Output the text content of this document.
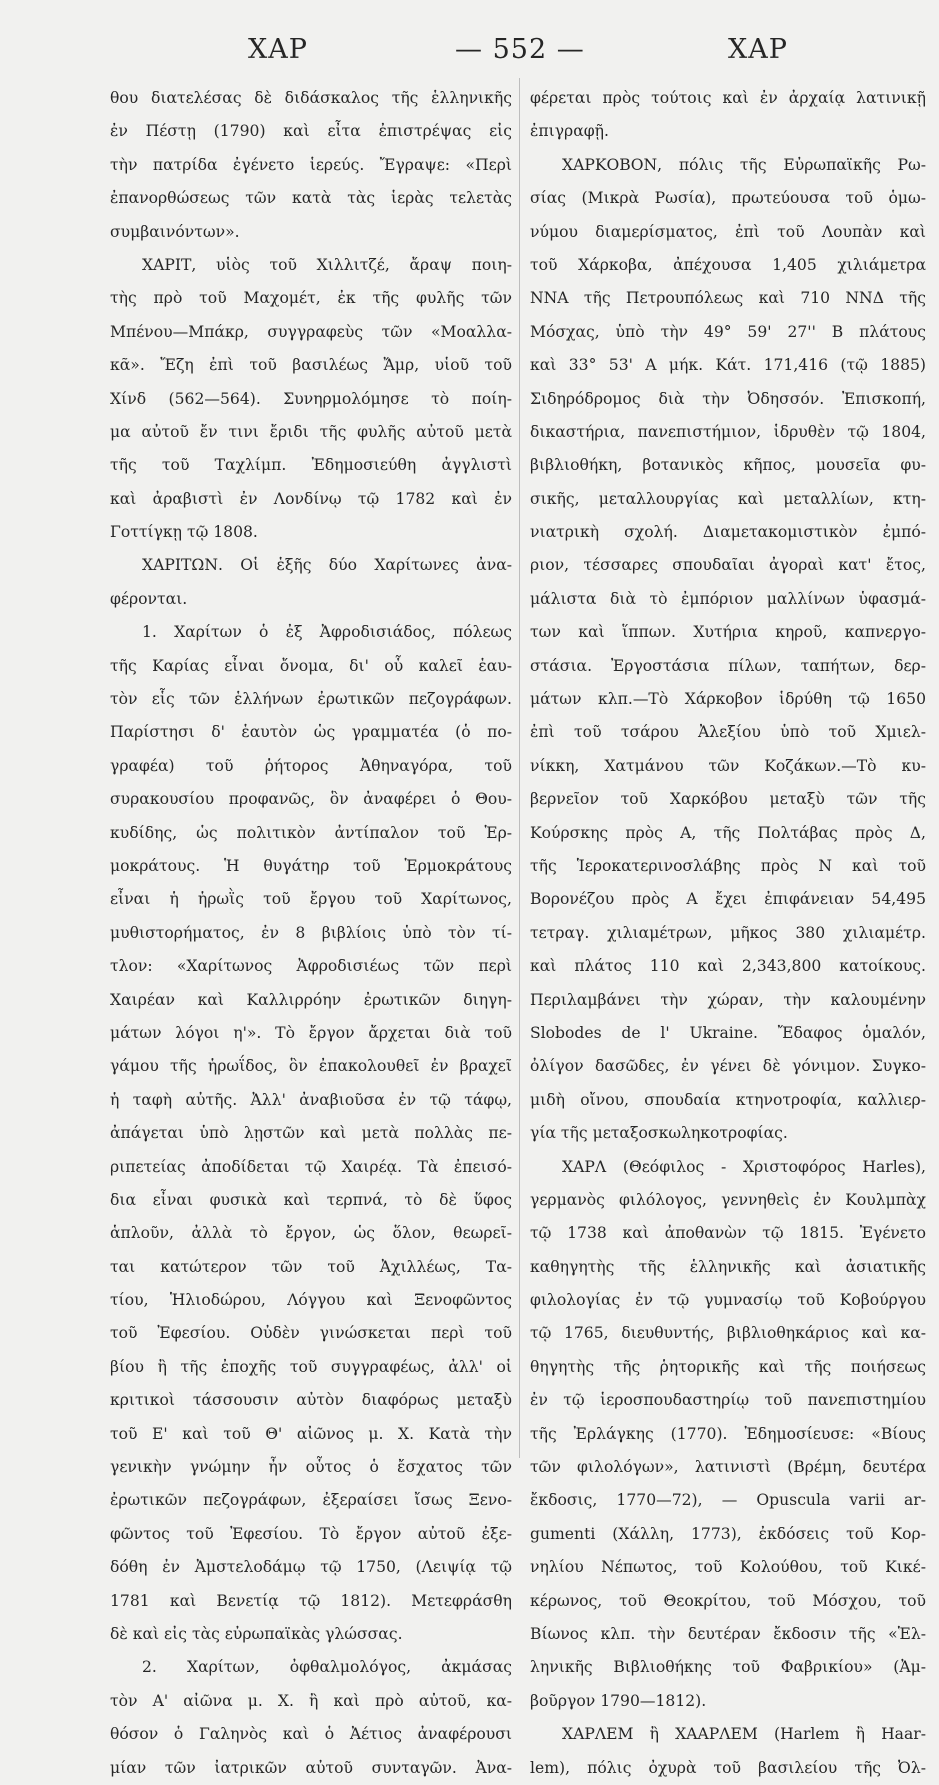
ΧΑΡ	— 552 —	ΧΑΡ
θου διατελέσας δὲ διδάσκαλος τῆς ἑλληνικῆς
ἐν Πέστῃ (1790) καὶ εἶτα ἐπιστρέψας εἰς
τὴν πατρίδα ἐγένετο ἱερεύς. Ἔγραψε: «Περὶ
ἐπανορθώσεως τῶν κατὰ τὰς ἱερὰς τελετὰς
συμβαινόντων».
ΧΑΡΙΤ, υἱὸς τοῦ Χιλλιτζέ, ἄραψ ποιη-
τὴς πρὸ τοῦ Μαχομέτ, ἐκ τῆς φυλῆς τῶν
Μπένου—Μπάκρ, συγγραφεὺς τῶν «Μοαλλα-
κᾶ». Ἔζη ἐπὶ τοῦ βασιλέως Ἄμρ, υἱοῦ τοῦ
Χίνδ (562—564). Συνηρμολόμησε τὸ ποίη-
μα αὐτοῦ ἔν τινι ἔριδι τῆς φυλῆς αὐτοῦ μετὰ
τῆς τοῦ Ταχλίμπ. Ἐδημοσιεύθη ἀγγλιστὶ
καὶ ἀραβιστὶ ἐν Λονδίνῳ τῷ 1782 καὶ ἐν
Γοττίγκῃ τῷ 1808.
ΧΑΡΙΤΩΝ. Οἱ ἑξῆς δύο Χαρίτωνες ἀνα-
φέρονται.
1. Χαρίτων ὁ ἐξ Ἀφροδισιάδος, πόλεως
τῆς Καρίας εἶναι ὄνομα, δι' οὗ καλεῖ ἑαυ-
τὸν εἷς τῶν ἑλλήνων ἐρωτικῶν πεζογράφων.
Παρίστησι δ' ἑαυτὸν ὡς γραμματέα (ὁ πο-
γραφέα) τοῦ ῥήτορος Ἀθηναγόρα, τοῦ
συρακουσίου προφανῶς, ὃν ἀναφέρει ὁ Θου-
κυδίδης, ὡς πολιτικὸν ἀντίπαλον τοῦ Ἑρ-
μοκράτους. Ἡ θυγάτηρ τοῦ Ἑρμοκράτους
εἶναι ἡ ἡρωῒς τοῦ ἔργου τοῦ Χαρίτωνος,
μυθιστορήματος, ἐν 8 βιβλίοις ὑπὸ τὸν τί-
τλον: «Χαρίτωνος Ἀφροδισιέως τῶν περὶ
Χαιρέαν καὶ Καλλιρρόην ἐρωτικῶν διηγη-
μάτων λόγοι η'». Τὸ ἔργον ἄρχεται διὰ τοῦ
γάμου τῆς ἡρωΐδος, ὃν ἐπακολουθεῖ ἐν βραχεῖ
ἡ ταφὴ αὐτῆς. Ἀλλ' ἀναβιοῦσα ἐν τῷ τάφῳ,
ἀπάγεται ὑπὸ λῃστῶν καὶ μετὰ πολλὰς πε-
ριπετείας ἀποδίδεται τῷ Χαιρέᾳ. Τὰ ἐπεισό-
δια εἶναι φυσικὰ καὶ τερπνά, τὸ δὲ ὕφος
ἁπλοῦν, ἀλλὰ τὸ ἔργον, ὡς ὅλον, θεωρεῖ-
ται κατώτερον τῶν τοῦ Ἀχιλλέως, Τα-
τίου, Ἡλιοδώρου, Λόγγου καὶ Ξενοφῶντος
τοῦ Ἐφεσίου. Οὐδὲν γινώσκεται περὶ τοῦ
βίου ἢ τῆς ἐποχῆς τοῦ συγγραφέως, ἀλλ' οἱ
κριτικοὶ τάσσουσιν αὐτὸν διαφόρως μεταξὺ
τοῦ Ε' καὶ τοῦ Θ' αἰῶνος μ. Χ. Κατὰ τὴν
γενικὴν γνώμην ἦν οὗτος ὁ ἔσχατος τῶν
ἐρωτικῶν πεζογράφων, ἐξεραίσει ἴσως Ξενο-
φῶντος τοῦ Ἐφεσίου. Τὸ ἔργον αὐτοῦ ἐξε-
δόθη ἐν Ἀμστελοδάμῳ τῷ 1750, (Λειψίᾳ τῷ
1781 καὶ Βενετίᾳ τῷ 1812). Μετεφράσθη
δὲ καὶ εἰς τὰς εὐρωπαϊκὰς γλώσσας.
2. Χαρίτων, ὀφθαλμολόγος, ἀκμάσας
τὸν Α' αἰῶνα μ. Χ. ἢ καὶ πρὸ αὐτοῦ, κα-
θόσον ὁ Γαληνὸς καὶ ὁ Ἀέτιος ἀναφέρουσι
μίαν τῶν ἰατρικῶν αὐτοῦ συνταγῶν. Ἀνα-
φέρεται πρὸς τούτοις καὶ ἐν ἀρχαίᾳ λατινικῇ
ἐπιγραφῇ.
ΧΑΡΚΟΒΟΝ, πόλις τῆς Εὐρωπαϊκῆς Ρω-
σίας (Μικρὰ Ρωσία), πρωτεύουσα τοῦ ὁμω-
νύμου διαμερίσματος, ἐπὶ τοῦ Λουπὰν καὶ
τοῦ Χάρκοβα, ἀπέχουσα 1,405 χιλιάμετρα
ΝΝΑ τῆς Πετρουπόλεως καὶ 710 ΝΝΔ τῆς
Μόσχας, ὑπὸ τὴν 49° 59' 27'' Β πλάτους
καὶ 33° 53' Α μήκ. Κάτ. 171,416 (τῷ 1885)
Σιδηρόδρομος διὰ τὴν Ὀδησσόν. Ἐπισκοπή,
δικαστήρια, πανεπιστήμιον, ἱδρυθὲν τῷ 1804,
βιβλιοθήκη, βοτανικὸς κῆπος, μουσεῖα φυ-
σικῆς, μεταλλουργίας καὶ μεταλλίων, κτη-
νιατρικὴ σχολή. Διαμετακομιστικὸν ἐμπό-
ριον, τέσσαρες σπουδαῖαι ἀγοραὶ κατ' ἔτος,
μάλιστα διὰ τὸ ἐμπόριον μαλλίνων ὑφασμά-
των καὶ ἵππων. Χυτήρια κηροῦ, καπνεργο-
στάσια. Ἐργοστάσια πίλων, ταπήτων, δερ-
μάτων κλπ.—Τὸ Χάρκοβον ἱδρύθη τῷ 1650
ἐπὶ τοῦ τσάρου Ἀλεξίου ὑπὸ τοῦ Χμιελ-
νίκκη, Χατμάνου τῶν Κοζάκων.—Τὸ κυ-
βερνεῖον τοῦ Χαρκόβου μεταξὺ τῶν τῆς
Κούρσκης πρὸς Α, τῆς Πολτάβας πρὸς Δ,
τῆς Ἱεροκατερινοσλάβης πρὸς Ν καὶ τοῦ
Βορονέζου πρὸς Α ἔχει ἐπιφάνειαν 54,495
τετραγ. χιλιαμέτρων, μῆκος 380 χιλιαμέτρ.
καὶ πλάτος 110 καὶ 2,343,800 κατοίκους.
Περιλαμβάνει τὴν χώραν, τὴν καλουμένην
Slobodes de l' Ukraine. Ἔδαφος ὁμαλόν,
ὀλίγον δασῶδες, ἐν γένει δὲ γόνιμον. Συγκο-
μιδὴ οἴνου, σπουδαία κτηνοτροφία, καλλιερ-
γία τῆς μεταξοσκωληκοτροφίας.
ΧΑΡΛ (Θεόφιλος - Χριστοφόρος Harles),
γερμανὸς φιλόλογος, γεννηθεὶς ἐν Κουλμπὰχ
τῷ 1738 καὶ ἀποθανὼν τῷ 1815. Ἐγένετο
καθηγητὴς τῆς ἑλληνικῆς καὶ ἀσιατικῆς
φιλολογίας ἐν τῷ γυμνασίῳ τοῦ Κοβούργου
τῷ 1765, διευθυντής, βιβλιοθηκάριος καὶ κα-
θηγητὴς τῆς ῥητορικῆς καὶ τῆς ποιήσεως
ἐν τῷ ἱεροσπουδαστηρίῳ τοῦ πανεπιστημίου
τῆς Ἐρλάγκης (1770). Ἐδημοσίευσε: «Βίους
τῶν φιλολόγων», λατινιστὶ (Βρέμη, δευτέρα
ἔκδοσις, 1770—72), — Opuscula varii ar-
gumenti (Χάλλη, 1773), ἐκδόσεις τοῦ Κορ-
νηλίου Νέπωτος, τοῦ Κολούθου, τοῦ Κικέ-
κέρωνος, τοῦ Θεοκρίτου, τοῦ Μόσχου, τοῦ
Βίωνος κλπ. τὴν δευτέραν ἔκδοσιν τῆς «Ἑλ-
ληνικῆς Βιβλιοθήκης τοῦ Φαβρικίου» (Ἀμ-
βοῦργον 1790—1812).
ΧΑΡΛΕΜ ἢ ΧΑΑΡΛΕΜ (Harlem ἢ Haar-
lem), πόλις ὀχυρὰ τοῦ βασιλείου τῆς Ὀλ-
